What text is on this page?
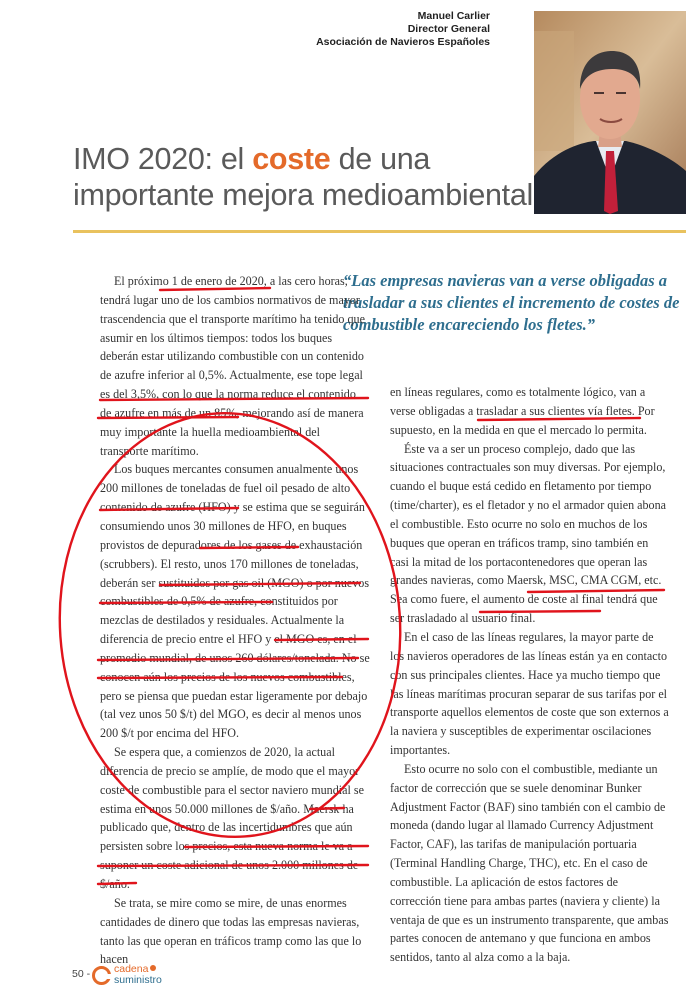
Manuel Carlier
Director General
Asociación de Navieros Españoles
IMO 2020: el coste de una
importante mejora medioambiental
“Las empresas navieras van a verse obligadas a trasladar a sus clientes el incremento de costes de combustible encareciendo los fletes.”

El próximo 1 de enero de 2020, a las cero horas, tendrá lugar uno de los cambios normativos de mayor trascendencia que el transporte marítimo ha tenido que asumir en los últimos tiempos: todos los buques deberán estar utilizando combustible con un contenido de azufre inferior al 0,5%. Actualmente, ese tope legal es del 3,5%, con lo que la norma reduce el contenido de azufre en más de un 85%, mejorando así de manera muy importante la huella medioambiental del transporte marítimo.

Los buques mercantes consumen anualmente unos 200 millones de toneladas de fuel oil pesado de alto contenido de azufre (HFO) y se estima que se seguirán consumiendo unos 30 millones de HFO, en buques provistos de depuradores de los gases de exhaustación (scrubbers). El resto, unos 170 millones de toneladas, deberán ser sustituidos por gas oil (MGO) o por nuevos combustibles de 0,5% de azufre, constituidos por mezclas de destilados y residuales. Actualmente la diferencia de precio entre el HFO y el MGO es, en el promedio mundial, de unos 260 dólares/tonelada. No se conocen aún los precios de los nuevos combustibles, pero se piensa que puedan estar ligeramente por debajo (tal vez unos 50 $/t) del MGO, es decir al menos unos 200 $/t por encima del HFO.

Se espera que, a comienzos de 2020, la actual diferencia de precio se amplíe, de modo que el mayor coste de combustible para el sector naviero mundial se estima en unos 50.000 millones de $/año. Maersk ha publicado que, dentro de las incertidumbres que aún persisten sobre los precios, esta nueva norma le va a suponer un coste adicional de unos 2.000 millones de $/año.

Se trata, se mire como se mire, de unas enormes cantidades de dinero que todas las empresas navieras, tanto las que operan en tráficos tramp como las que lo hacen

en líneas regulares, como es totalmente lógico, van a verse obligadas a trasladar a sus clientes vía fletes. Por supuesto, en la medida en que el mercado lo permita.

Éste va a ser un proceso complejo, dado que las situaciones contractuales son muy diversas. Por ejemplo, cuando el buque está cedido en fletamento por tiempo (time/charter), es el fletador y no el armador quien abona el combustible. Esto ocurre no solo en muchos de los buques que operan en tráficos tramp, sino también en casi la mitad de los portacontenedores que operan las grandes navieras, como Maersk, MSC, CMA CGM, etc. Sea como fuere, el aumento de coste al final tendrá que ser trasladado al usuario final.

En el caso de las líneas regulares, la mayor parte de los navieros operadores de las líneas están ya en contacto con sus principales clientes. Hace ya mucho tiempo que las líneas marítimas procuran separar de sus tarifas por el transporte aquellos elementos de coste que son externos a la naviera y susceptibles de experimentar oscilaciones importantes.

Esto ocurre no solo con el combustible, mediante un factor de corrección que se suele denominar Bunker Adjustment Factor (BAF) sino también con el cambio de moneda (dando lugar al llamado Currency Adjustment Factor, CAF), las tarifas de manipulación portuaria (Terminal Handling Charge, THC), etc. En el caso de combustible. La aplicación de estos factores de corrección tiene para ambas partes (naviera y cliente) la ventaja de que es un instrumento transparente, que ambas partes conocen de antemano y que funciona en ambos sentidos, tanto al alza como a la baja.

50 - cadena
suministro
